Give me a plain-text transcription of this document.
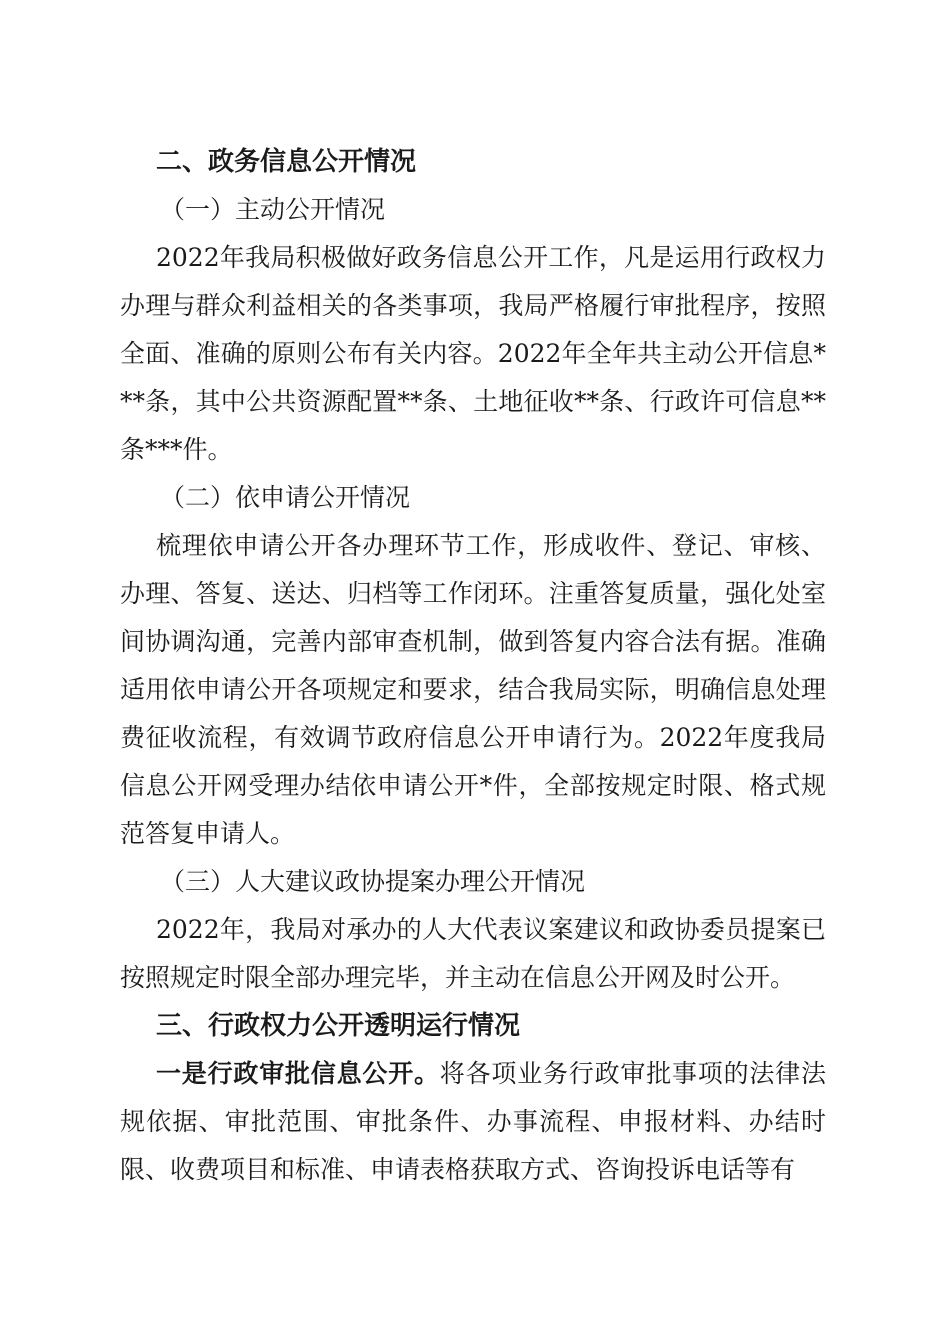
二、政务信息公开情况

（一）主动公开情况

2022年我局积极做好政务信息公开工作，凡是运用行政权力办理与群众利益相关的各类事项，我局严格履行审批程序，按照全面、准确的原则公布有关内容。2022年全年共主动公开信息***条，其中公共资源配置**条、土地征收**条、行政许可信息**条***件。

（二）依申请公开情况

梳理依申请公开各办理环节工作，形成收件、登记、审核、办理、答复、送达、归档等工作闭环。注重答复质量，强化处室间协调沟通，完善内部审查机制，做到答复内容合法有据。准确适用依申请公开各项规定和要求，结合我局实际，明确信息处理费征收流程，有效调节政府信息公开申请行为。2022年度我局信息公开网受理办结依申请公开*件，全部按规定时限、格式规范答复申请人。

（三）人大建议政协提案办理公开情况

2022年，我局对承办的人大代表议案建议和政协委员提案已按照规定时限全部办理完毕，并主动在信息公开网及时公开。

三、行政权力公开透明运行情况

一是行政审批信息公开。将各项业务行政审批事项的法律法规依据、审批范围、审批条件、办事流程、申报材料、办结时限、收费项目和标准、申请表格获取方式、咨询投诉电话等有
